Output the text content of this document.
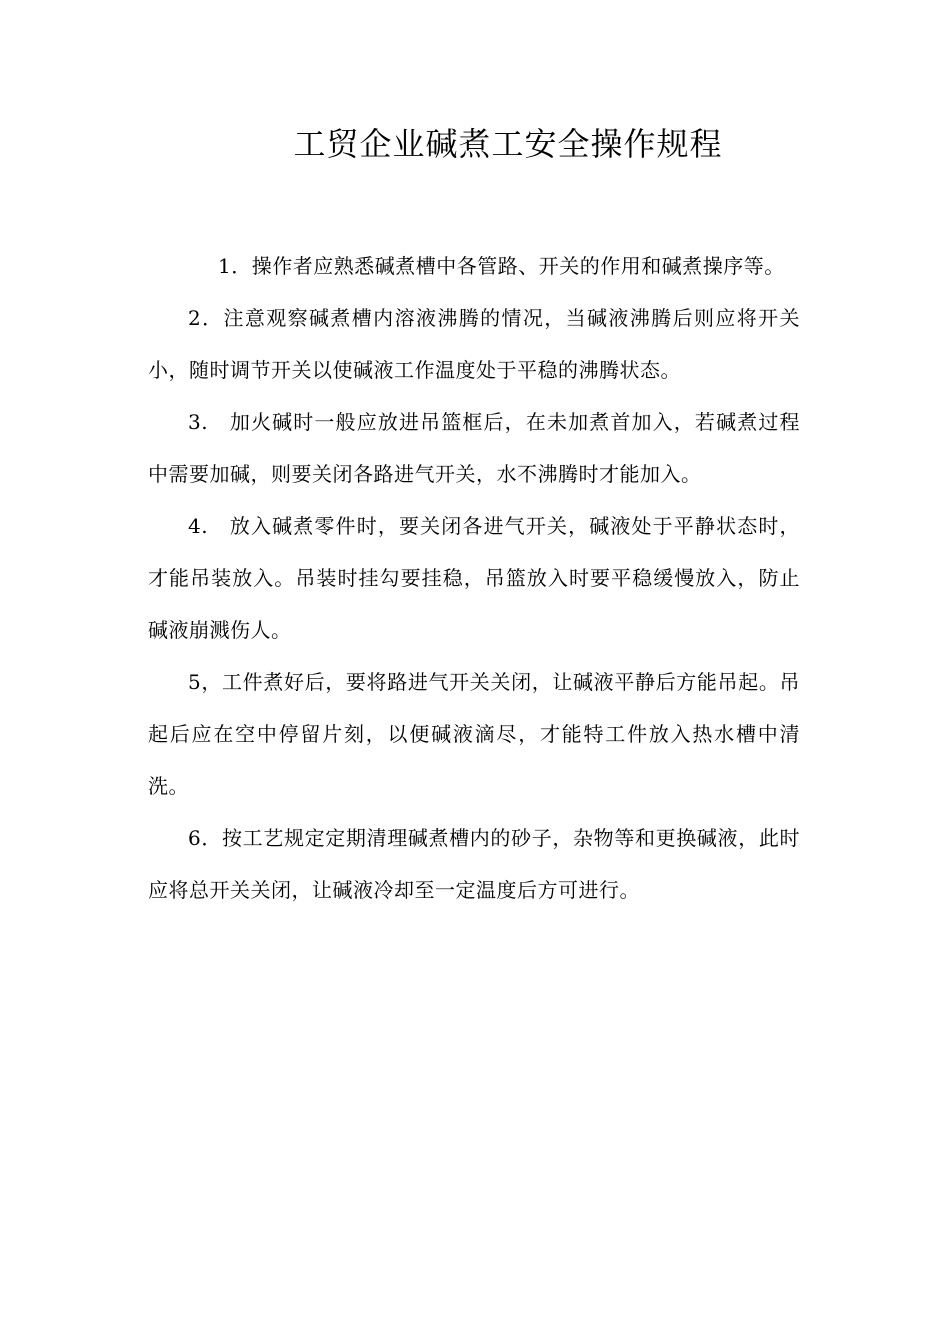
工贸企业碱煮工安全操作规程

1．操作者应熟悉碱煮槽中各管路、开关的作用和碱煮操序等。

2．注意观察碱煮槽内溶液沸腾的情况，当碱液沸腾后则应将开关小，随时调节开关以使碱液工作温度处于平稳的沸腾状态。

3.　加火碱时一般应放进吊篮框后，在未加煮首加入，若碱煮过程中需要加碱，则要关闭各路进气开关，水不沸腾时才能加入。

4.　放入碱煮零件时，要关闭各进气开关，碱液处于平静状态时，才能吊装放入。吊装时挂勾要挂稳，吊篮放入时要平稳缓慢放入，防止碱液崩溅伤人。

5，工件煮好后，要将路进气开关关闭，让碱液平静后方能吊起。吊起后应在空中停留片刻，以便碱液滴尽，才能特工件放入热水槽中清洗。

6．按工艺规定定期清理碱煮槽内的砂子，杂物等和更换碱液，此时应将总开关关闭，让碱液冷却至一定温度后方可进行。
